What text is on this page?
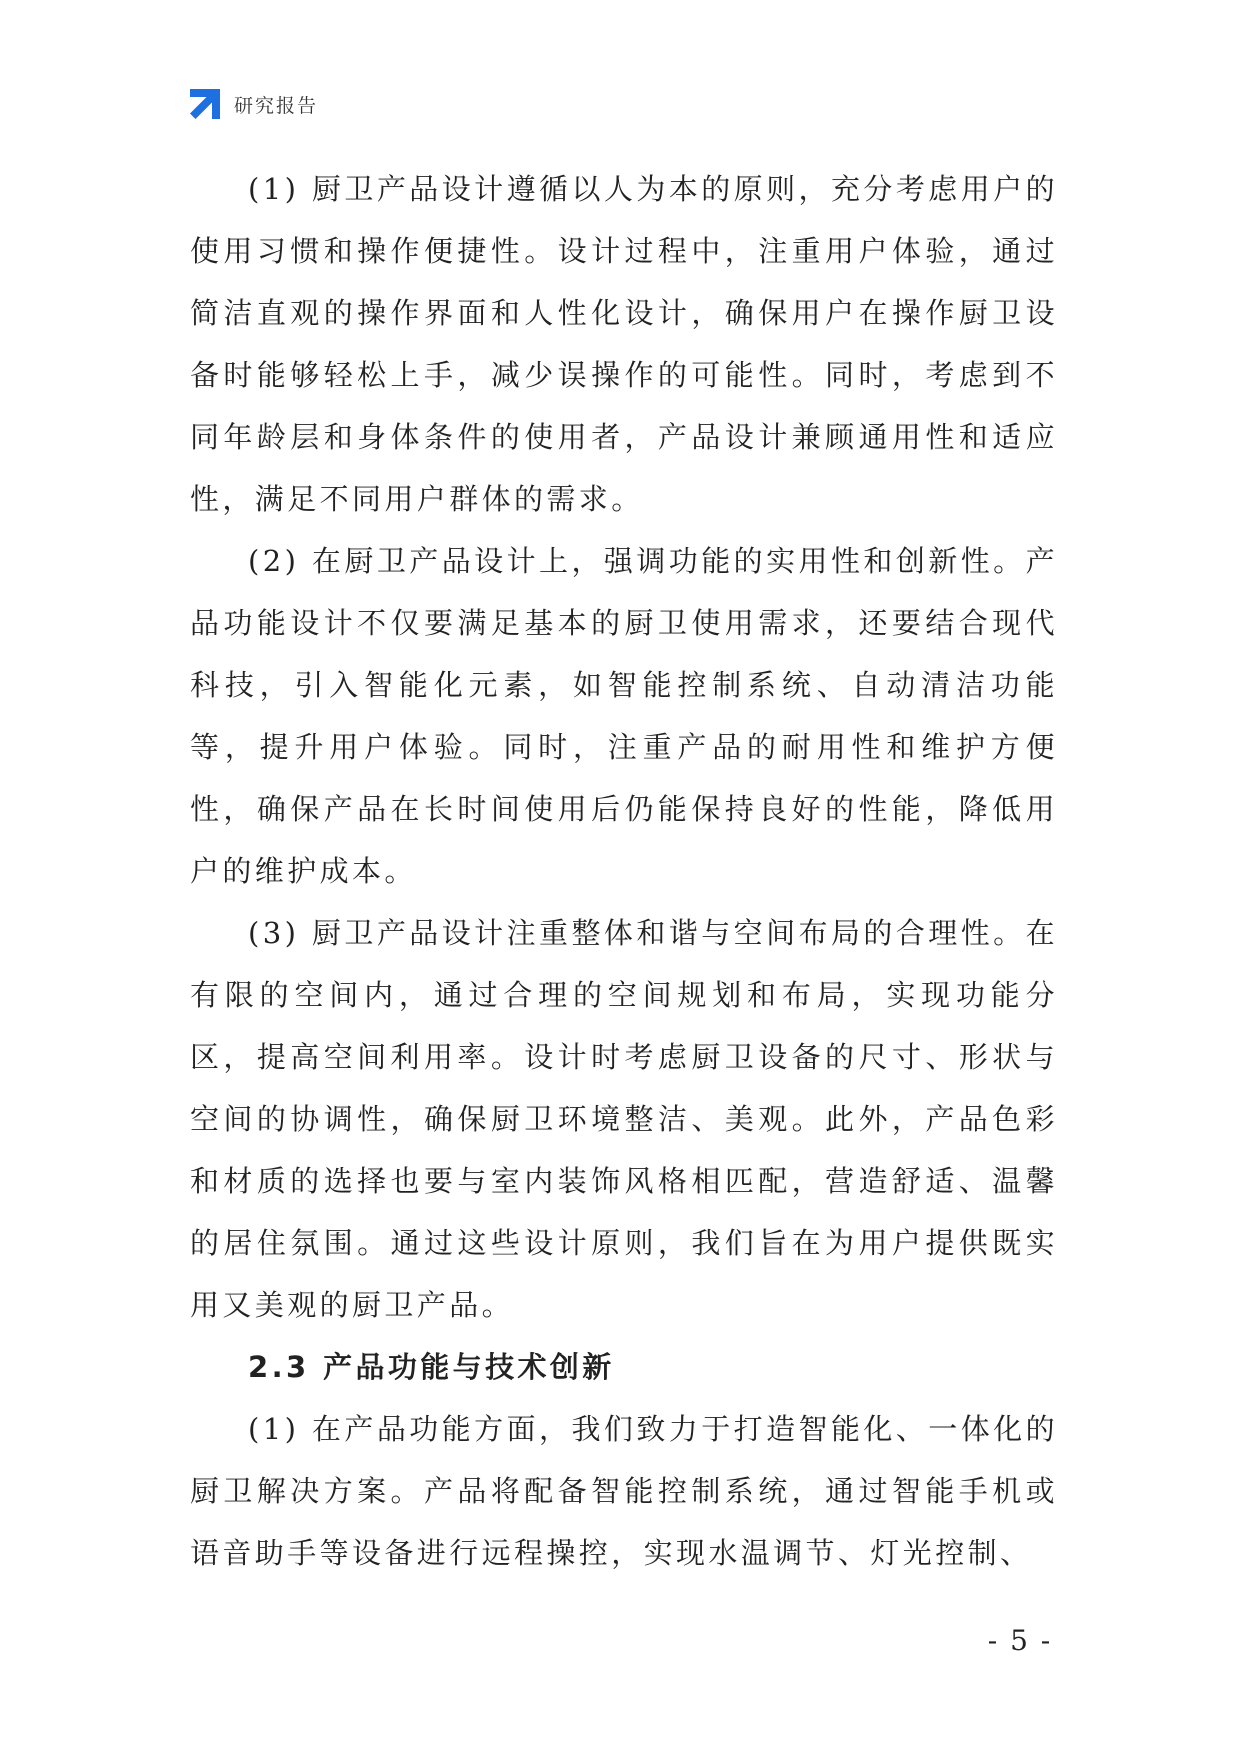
研究报告

(1) 厨卫产品设计遵循以人为本的原则，充分考虑用户的使用习惯和操作便捷性。设计过程中，注重用户体验，通过简洁直观的操作界面和人性化设计，确保用户在操作厨卫设备时能够轻松上手，减少误操作的可能性。同时，考虑到不同年龄层和身体条件的使用者，产品设计兼顾通用性和适应性，满足不同用户群体的需求。

(2) 在厨卫产品设计上，强调功能的实用性和创新性。产品功能设计不仅要满足基本的厨卫使用需求，还要结合现代科技，引入智能化元素，如智能控制系统、自动清洁功能等，提升用户体验。同时，注重产品的耐用性和维护方便性，确保产品在长时间使用后仍能保持良好的性能，降低用户的维护成本。

(3) 厨卫产品设计注重整体和谐与空间布局的合理性。在有限的空间内，通过合理的空间规划和布局，实现功能分区，提高空间利用率。设计时考虑厨卫设备的尺寸、形状与空间的协调性，确保厨卫环境整洁、美观。此外，产品色彩和材质的选择也要与室内装饰风格相匹配，营造舒适、温馨的居住氛围。通过这些设计原则，我们旨在为用户提供既实用又美观的厨卫产品。

2.3 产品功能与技术创新

(1) 在产品功能方面，我们致力于打造智能化、一体化的厨卫解决方案。产品将配备智能控制系统，通过智能手机或语音助手等设备进行远程操控，实现水温调节、灯光控制、

- 5 -
